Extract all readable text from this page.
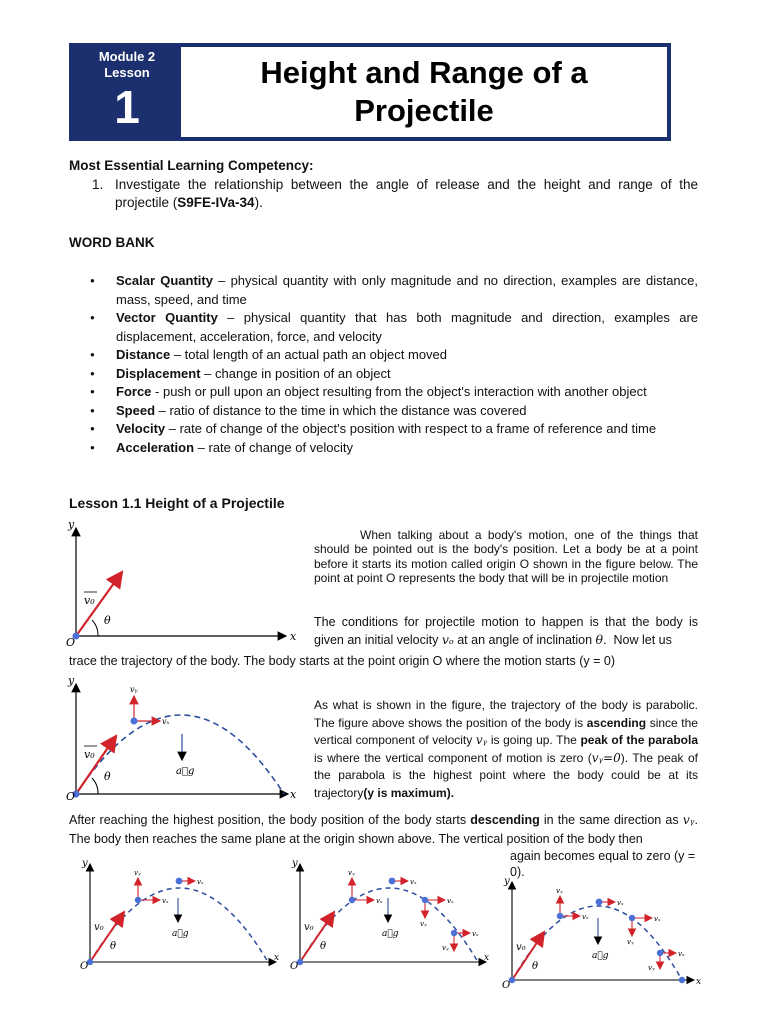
Module 2
Lesson
1
Height and Range of a Projectile
Most Essential Learning Competency:
1. Investigate the relationship between the angle of release and the height and range of the projectile (S9FE-IVa-34).
WORD BANK
● Scalar Quantity – physical quantity with only magnitude and no direction, examples are distance, mass, speed, and time
● Vector Quantity – physical quantity that has both magnitude and direction, examples are displacement, acceleration, force, and velocity
● Distance – total length of an actual path an object moved
● Displacement – change in position of an object
● Force - push or pull upon an object resulting from the object's interaction with another object
● Speed – ratio of distance to the time in which the distance was covered
● Velocity – rate of change of the object's position with respect to a frame of reference and time
● Acceleration – rate of change of velocity
Lesson 1.1 Height of a Projectile
y
x
O
v₀
θ
When talking about a body's motion, one of the things that should be pointed out is the body's position. Let a body be at a point before it starts its motion called origin O shown in the figure below. The point at point O represents the body that will be in projectile motion
The conditions for projectile motion to happen is that the body is given an initial velocity vₒ at an angle of inclination θ.  Now let us
trace the trajectory of the body. The body starts at the point origin O where the motion starts (y = 0)
vᵧ
vₓ
a⃗g
y
x
O
v₀
θ
As what is shown in the figure, the trajectory of the body is parabolic. The figure above shows the position of the body is ascending since the vertical component of velocity vᵧ is going up. The peak of the parabola is where the vertical component of motion is zero (vᵧ=0). The peak of the parabola is the highest point where the body could be at its trajectory(y is maximum).
After reaching the highest position, the body position of the body starts descending in the same direction as vᵧ. The body then reaches the same plane at the origin shown above. The vertical position of the body then
again becomes equal to zero (y = 0).
a⃗g
vᵧ
vₓ
vₓ
y
x
O
v₀
θ
a⃗g
vᵧ
vₓ
vₓ
vₓ
vᵧ
vₓ
vᵧ
y
x
O
v₀
θ
a⃗g
vᵧ
vₓ
vₓ
vₓ
vᵧ
vₓ
vᵧ
y
x
O
v₀
θ
